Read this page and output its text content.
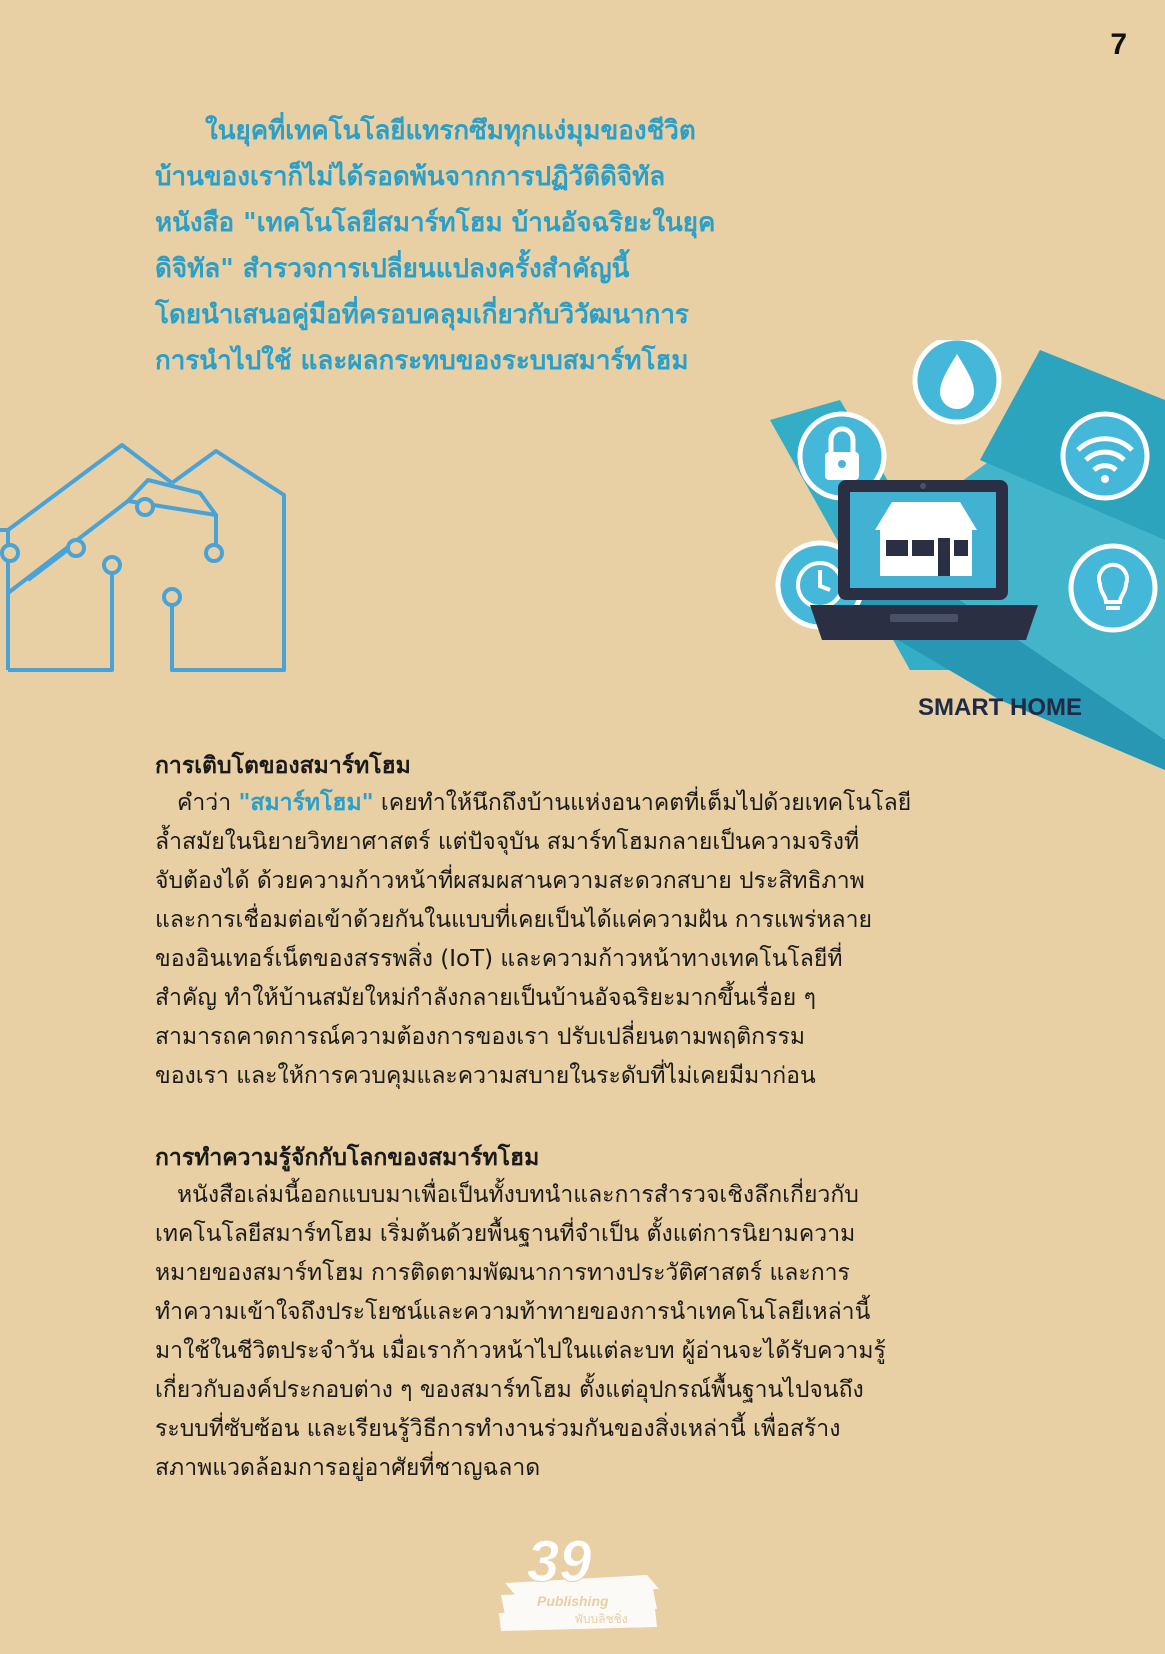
7

ในยุคที่เทคโนโลยีแทรกซึมทุกแง่มุมของชีวิต
บ้านของเราก็ไม่ได้รอดพ้นจากการปฏิวัติดิจิทัล
หนังสือ "เทคโนโลยีสมาร์ทโฮม บ้านอัจฉริยะในยุค
ดิจิทัล" สำรวจการเปลี่ยนแปลงครั้งสำคัญนี้
โดยนำเสนอคู่มือที่ครอบคลุมเกี่ยวกับวิวัฒนาการ
การนำไปใช้ และผลกระทบของระบบสมาร์ทโฮม

SMART HOME
การเติบโตของสมาร์ทโฮม
คำว่า "สมาร์ทโฮม" เคยทำให้นึกถึงบ้านแห่งอนาคตที่เต็มไปด้วยเทคโนโลยี
ล้ำสมัยในนิยายวิทยาศาสตร์ แต่ปัจจุบัน สมาร์ทโฮมกลายเป็นความจริงที่
จับต้องได้ ด้วยความก้าวหน้าที่ผสมผสานความสะดวกสบาย ประสิทธิภาพ
และการเชื่อมต่อเข้าด้วยกันในแบบที่เคยเป็นได้แค่ความฝัน การแพร่หลาย
ของอินเทอร์เน็ตของสรรพสิ่ง (IoT) และความก้าวหน้าทางเทคโนโลยีที่
สำคัญ ทำให้บ้านสมัยใหม่กำลังกลายเป็นบ้านอัจฉริยะมากขึ้นเรื่อย ๆ
สามารถคาดการณ์ความต้องการของเรา ปรับเปลี่ยนตามพฤติกรรม
ของเรา และให้การควบคุมและความสบายในระดับที่ไม่เคยมีมาก่อน
การทำความรู้จักกับโลกของสมาร์ทโฮม
หนังสือเล่มนี้ออกแบบมาเพื่อเป็นทั้งบทนำและการสำรวจเชิงลึกเกี่ยวกับ
เทคโนโลยีสมาร์ทโฮม เริ่มต้นด้วยพื้นฐานที่จำเป็น ตั้งแต่การนิยามความ
หมายของสมาร์ทโฮม การติดตามพัฒนาการทางประวัติศาสตร์ และการ
ทำความเข้าใจถึงประโยชน์และความท้าทายของการนำเทคโนโลยีเหล่านี้
มาใช้ในชีวิตประจำวัน เมื่อเราก้าวหน้าไปในแต่ละบท ผู้อ่านจะได้รับความรู้
เกี่ยวกับองค์ประกอบต่าง ๆ ของสมาร์ทโฮม ตั้งแต่อุปกรณ์พื้นฐานไปจนถึง
ระบบที่ซับซ้อน และเรียนรู้วิธีการทำงานร่วมกันของสิ่งเหล่านี้ เพื่อสร้าง
สภาพแวดล้อมการอยู่อาศัยที่ชาญฉลาด
39
Publishing
พับบลิชชิ่ง
